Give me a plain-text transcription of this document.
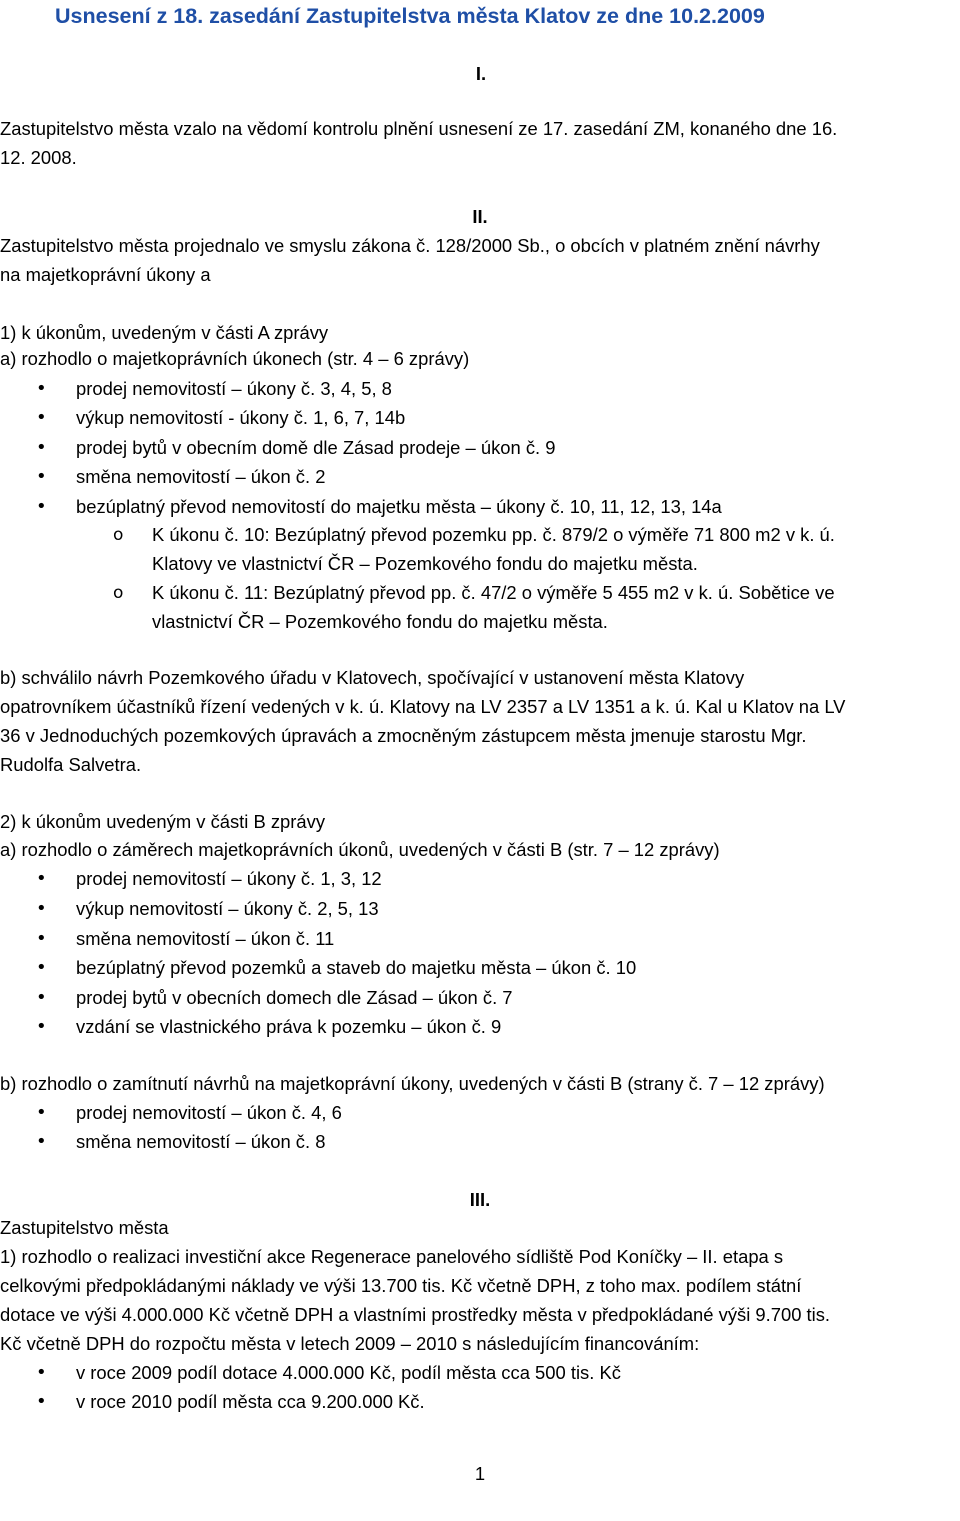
Usnesení z 18. zasedání Zastupitelstva města Klatov ze dne 10.2.2009
I.
Zastupitelstvo města vzalo na vědomí kontrolu plnění usnesení ze 17. zasedání ZM, konaného dne 16.
12. 2008.
II.
Zastupitelstvo města projednalo ve smyslu zákona č. 128/2000 Sb., o obcích v platném znění návrhy
na majetkoprávní úkony a
1) k úkonům, uvedeným v části A zprávy
a) rozhodlo o majetkoprávních úkonech (str. 4 – 6 zprávy)
• prodej nemovitostí – úkony č. 3, 4, 5, 8
• výkup nemovitostí - úkony č. 1, 6, 7, 14b
• prodej bytů v obecním domě dle Zásad prodeje – úkon č. 9
• směna nemovitostí – úkon č. 2
• bezúplatný převod nemovitostí do majetku města – úkony č. 10, 11, 12, 13, 14a
o K úkonu č. 10: Bezúplatný převod pozemku pp. č. 879/2 o výměře 71 800 m2 v k. ú.
Klatovy ve vlastnictví ČR – Pozemkového fondu do majetku města.
o K úkonu č. 11: Bezúplatný převod pp. č. 47/2 o výměře 5 455 m2 v k. ú. Sobětice ve
vlastnictví ČR – Pozemkového fondu do majetku města.
b) schválilo návrh Pozemkového úřadu v Klatovech, spočívající v ustanovení města Klatovy
opatrovníkem účastníků řízení vedených v k. ú. Klatovy na LV 2357 a LV 1351 a k. ú. Kal u Klatov na LV
36 v Jednoduchých pozemkových úpravách a zmocněným zástupcem města jmenuje starostu Mgr.
Rudolfa Salvetra.
2) k úkonům uvedeným v části B zprávy
a) rozhodlo o záměrech majetkoprávních úkonů, uvedených v části B (str. 7 – 12 zprávy)
• prodej nemovitostí – úkony č. 1, 3, 12
• výkup nemovitostí – úkony č. 2, 5, 13
• směna nemovitostí – úkon č. 11
• bezúplatný převod pozemků a staveb do majetku města – úkon č. 10
• prodej bytů v obecních domech dle Zásad – úkon č. 7
• vzdání se vlastnického práva k pozemku – úkon č. 9
b) rozhodlo o zamítnutí návrhů na majetkoprávní úkony, uvedených v části B (strany č. 7 – 12 zprávy)
• prodej nemovitostí – úkon č. 4, 6
• směna nemovitostí – úkon č. 8
III.
Zastupitelstvo města
1) rozhodlo o realizaci investiční akce Regenerace panelového sídliště Pod Koníčky – II. etapa s
celkovými předpokládanými náklady ve výši 13.700 tis. Kč včetně DPH, z toho max. podílem státní
dotace ve výši 4.000.000 Kč včetně DPH a vlastními prostředky města v předpokládané výši 9.700 tis.
Kč včetně DPH do rozpočtu města v letech 2009 – 2010 s následujícím financováním:
• v roce 2009 podíl dotace 4.000.000 Kč, podíl města cca 500 tis. Kč
• v roce 2010 podíl města cca 9.200.000 Kč.
1
